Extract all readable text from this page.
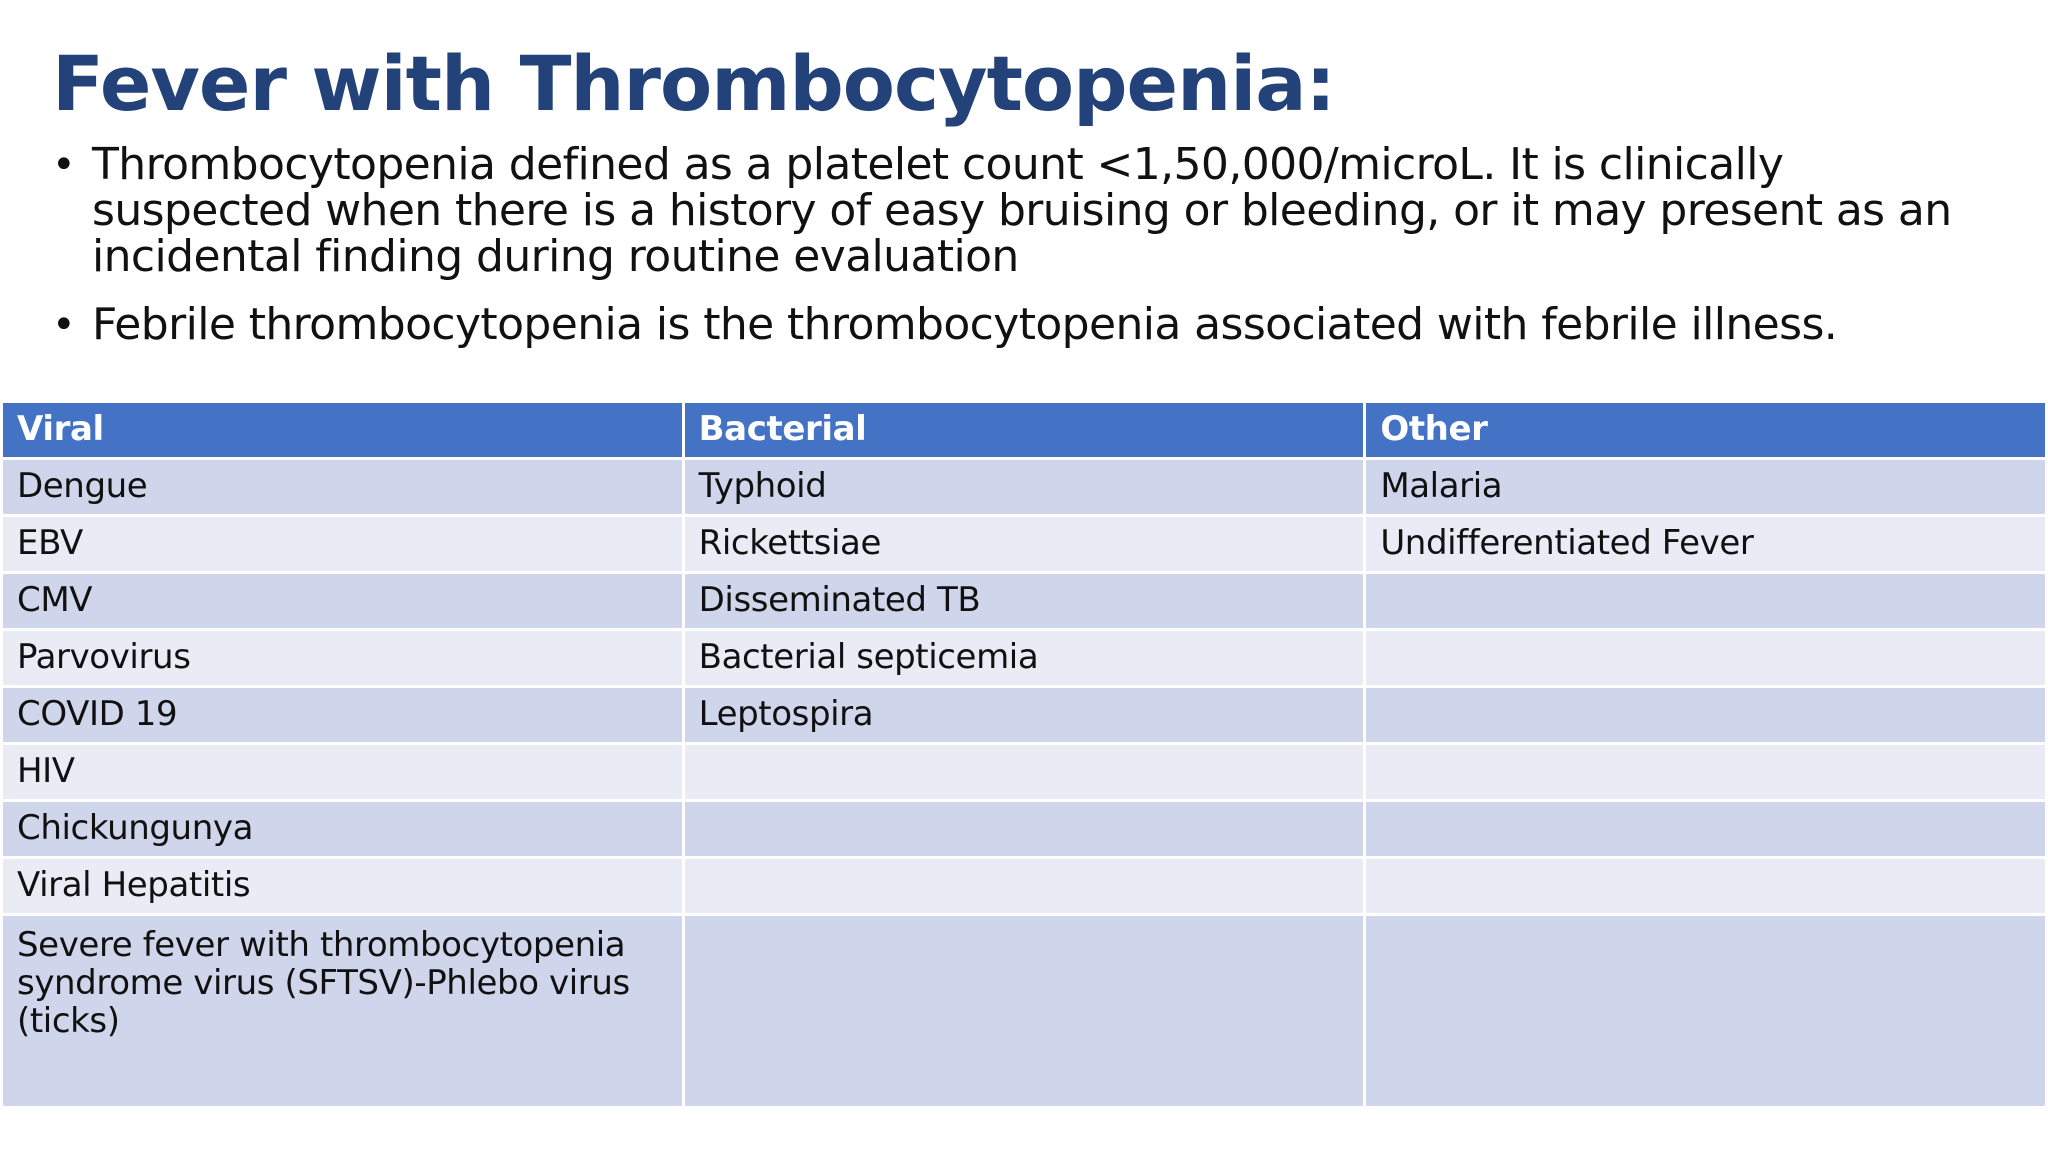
Fever with Thrombocytopenia:
• Thrombocytopenia defined as a platelet count <1,50,000/microL. It is clinically suspected when there is a history of easy bruising or bleeding, or it may present as an incidental finding during routine evaluation
• Febrile thrombocytopenia is the thrombocytopenia associated with febrile illness.
Viral	Bacterial	Other
Dengue	Typhoid	Malaria
EBV	Rickettsiae	Undifferentiated Fever
CMV	Disseminated TB	
Parvovirus	Bacterial septicemia	
COVID 19	Leptospira	
HIV		
Chickungunya		
Viral Hepatitis		
Severe fever with thrombocytopenia syndrome virus (SFTSV)-Phlebo virus (ticks)		
